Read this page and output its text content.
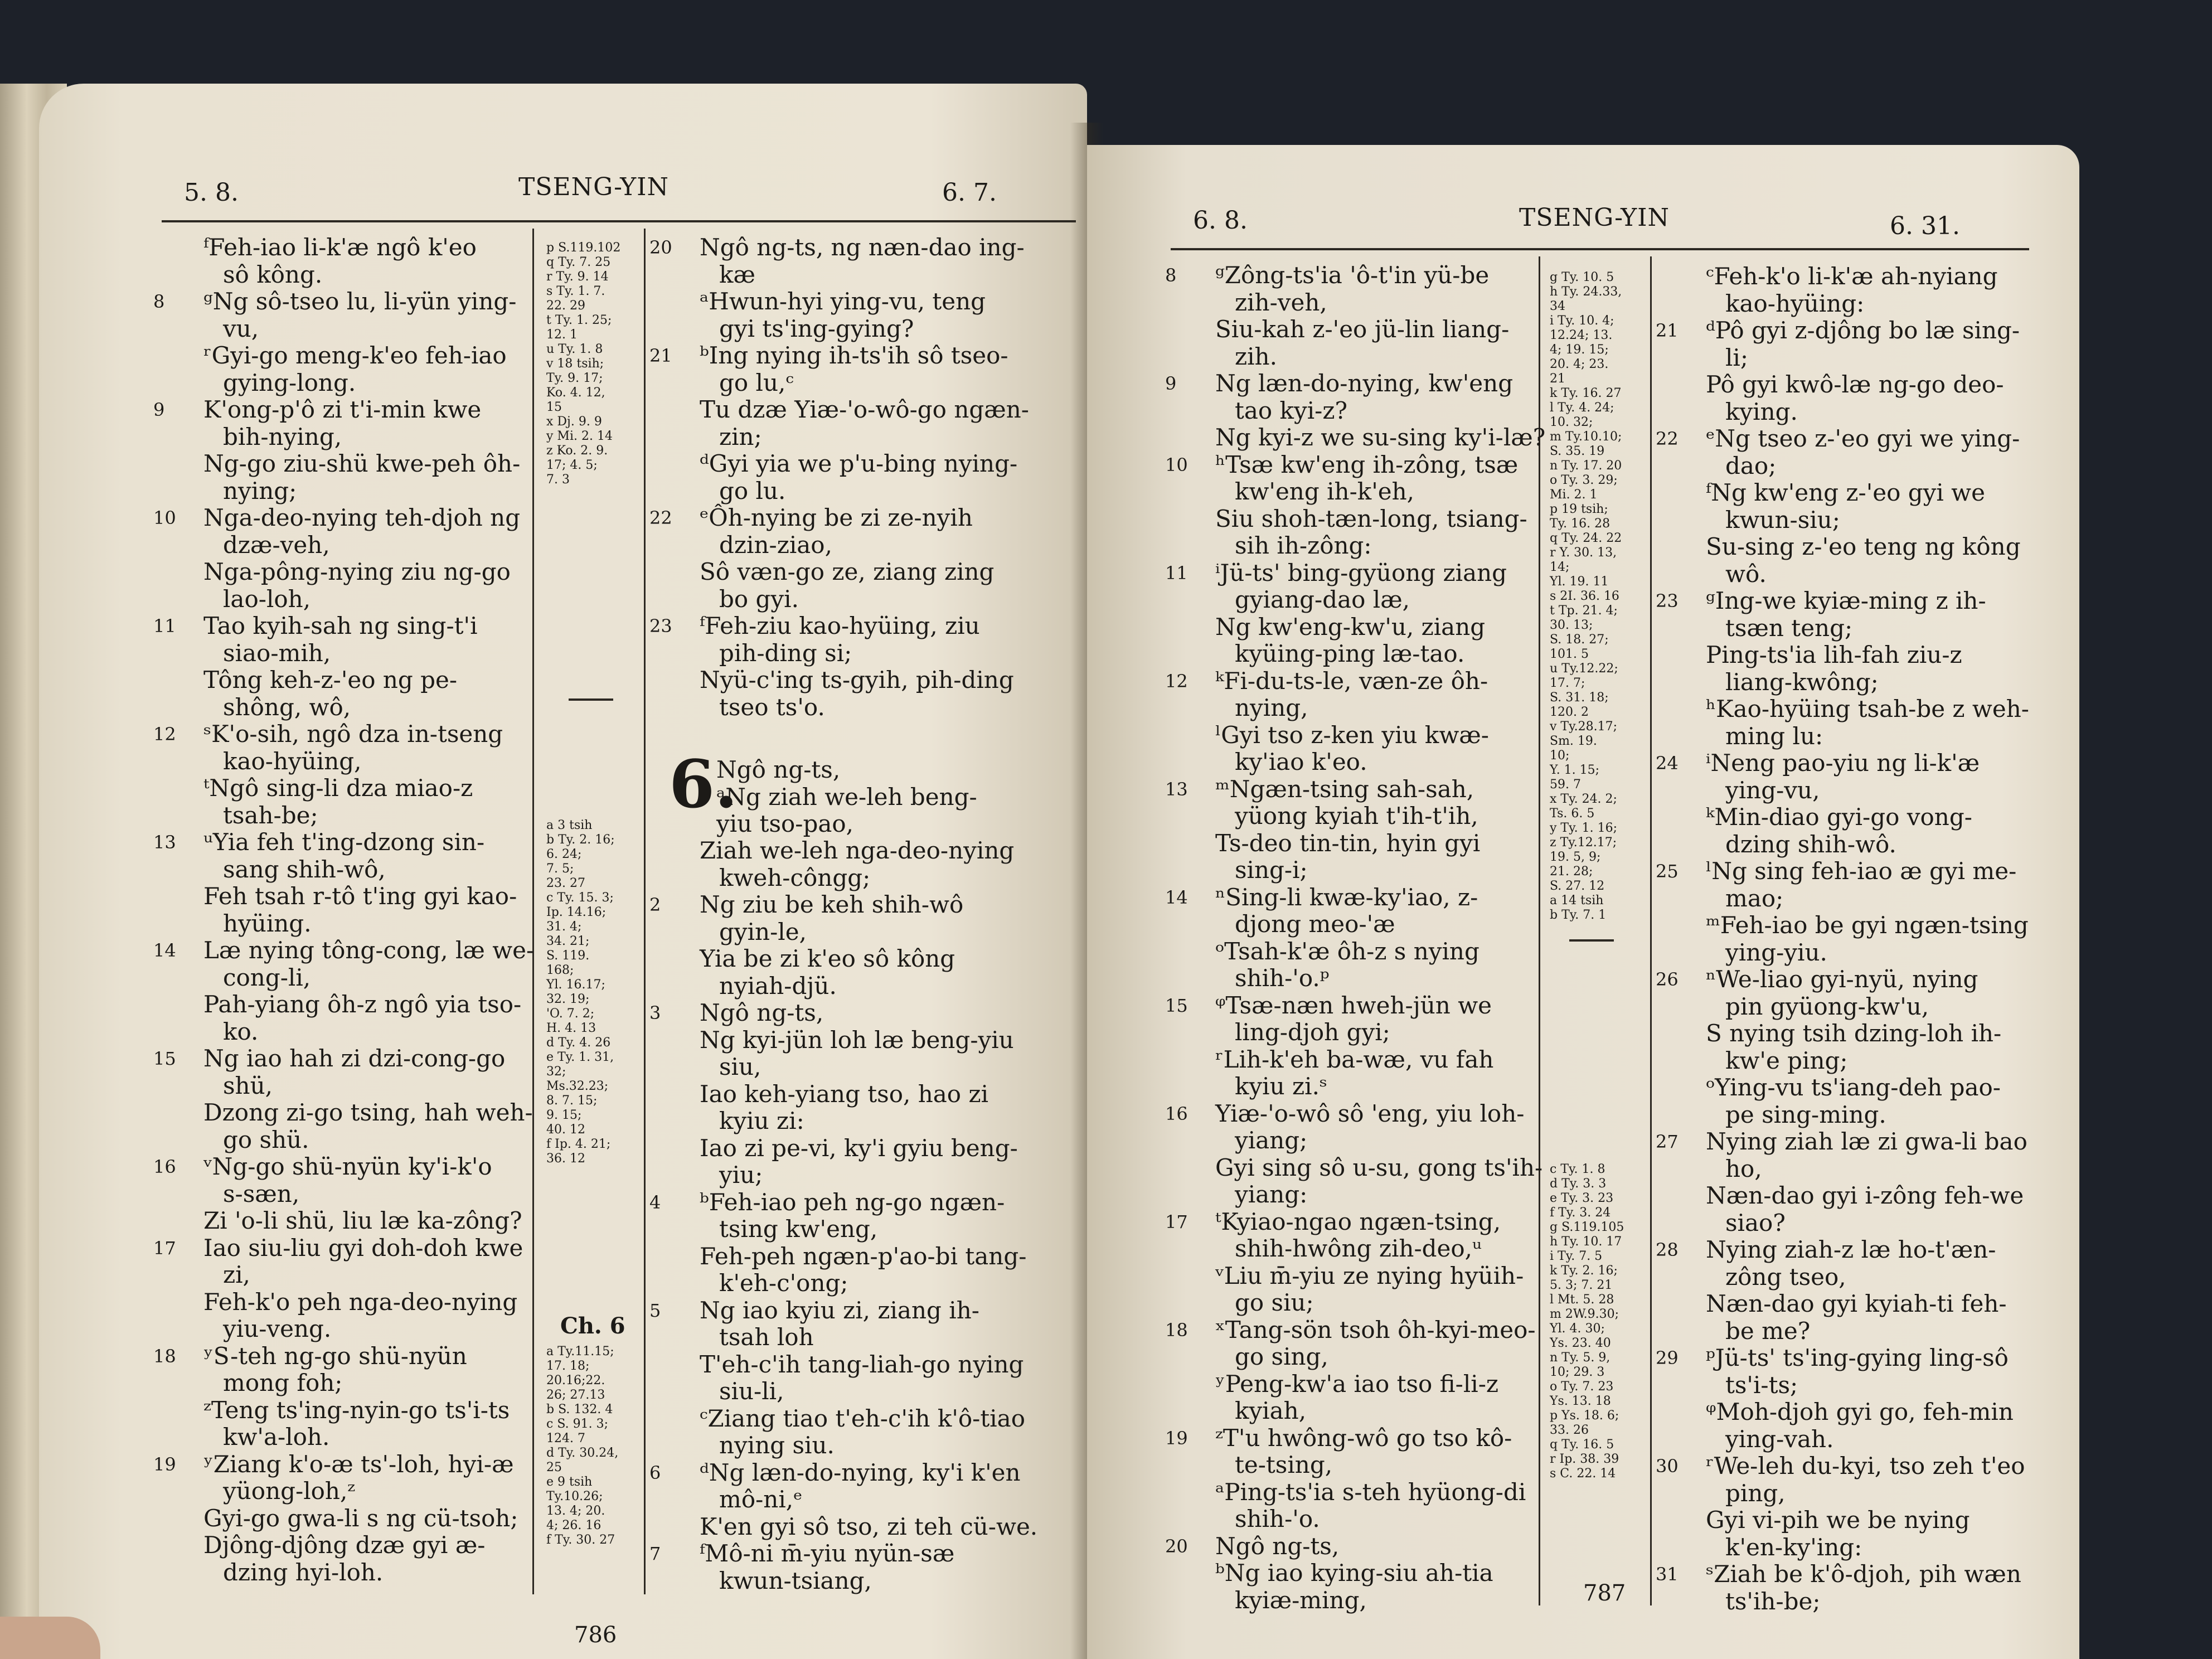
5. 8.	TSENG-YIN	6. 7.
ᶠFeh-iao li-k'æ ngô k'eo
sô kông.
8	ᵍNg sô-tseo lu, li-yün ying-
vu,
ʳGyi-go meng-k'eo feh-iao
gying-long.
9	K'ong-p'ô zi t'i-min kwe
bih-nying,
Ng-go ziu-shü kwe-peh ôh-
nying;
10	Nga-deo-nying teh-djoh ng
dzæ-veh,
Nga-pông-nying ziu ng-go
lao-loh,
11	Tao kyih-sah ng sing-t'i
siao-mih,
Tông keh-z-'eo ng pe-
shông, wô,
12	ˢK'o-sih, ngô dza in-tseng
kao-hyüing,
ᵗNgô sing-li dza miao-z
tsah-be;
13	ᵘYia feh t'ing-dzong sin-
sang shih-wô,
Feh tsah r-tô t'ing gyi kao-
hyüing.
14	Læ nying tông-cong, læ we-
cong-li,
Pah-yiang ôh-z ngô yia tso-
ko.
15	Ng iao hah zi dzi-cong-go
shü,
Dzong zi-go tsing, hah weh-
go shü.
16	ᵛNg-go shü-nyün ky'i-k'o
s-sæn,
Zi 'o-li shü, liu læ ka-zông?
17	Iao siu-liu gyi doh-doh kwe
zi,
Feh-k'o peh nga-deo-nying
yiu-veng.
18	ʸS-teh ng-go shü-nyün
mong foh;
ᶻTeng ts'ing-nyin-go ts'i-ts
kw'a-loh.
19	ʸZiang k'o-æ ts'-loh, hyi-æ
yüong-loh,ᶻ
Gyi-go gwa-li s ng cü-tsoh;
Djông-djông dzæ gyi æ-
dzing hyi-loh.
p S.119.102
q Ty. 7. 25
r Ty. 9. 14
s Ty. 1. 7.
22. 29
t Ty. 1. 25;
12. 1
u Ty. 1. 8
v 18 tsih;
Ty. 9. 17;
Ko. 4. 12,
15
x Dj. 9. 9
y Mi. 2. 14
z Ko. 2. 9.
17; 4. 5;
7. 3
a 3 tsih
b Ty. 2. 16;
6. 24;
7. 5;
23. 27
c Ty. 15. 3;
Ip. 14.16;
31. 4;
34. 21;
S. 119.
168;
Yl. 16.17;
32. 19;
'O. 7. 2;
H. 4. 13
d Ty. 4. 26
e Ty. 1. 31,
32;
Ms.32.23;
8. 7. 15;
9. 15;
40. 12
f Ip. 4. 21;
36. 12
Ch. 6
a Ty.11.15;
17. 18;
20.16;22.
26; 27.13
b S. 132. 4
c S. 91. 3;
124. 7
d Ty. 30.24,
25
e 9 tsih
Ty.10.26;
13. 4; 20.
4; 26. 16
f Ty. 30. 27
20	Ngô ng-ts, ng næn-dao ing-
kæ
ᵃHwun-hyi ying-vu, teng
gyi ts'ing-gying?
21	ᵇIng nying ih-ts'ih sô tseo-
go lu,ᶜ
Tu dzæ Yiæ-'o-wô-go ngæn-
zin;
ᵈGyi yia we p'u-bing nying-
go lu.
22	ᵉÔh-nying be zi ze-nyih
dzin-ziao,
Sô væn-go ze, ziang zing
bo gyi.
23	ᶠFeh-ziu kao-hyüing, ziu
pih-ding si;
Nyü-c'ing ts-gyih, pih-ding
tseo ts'o.
6.
Ngô ng-ts,
ᵃNg ziah we-leh beng-
yiu tso-pao,
Ziah we-leh nga-deo-nying
kweh-côngg;
2	Ng ziu be keh shih-wô
gyin-le,
Yia be zi k'eo sô kông
nyiah-djü.
3	Ngô ng-ts,
Ng kyi-jün loh læ beng-yiu
siu,
Iao keh-yiang tso, hao zi
kyiu zi:
Iao zi pe-vi, ky'i gyiu beng-
yiu;
4	ᵇFeh-iao peh ng-go ngæn-
tsing kw'eng,
Feh-peh ngæn-p'ao-bi tang-
k'eh-c'ong;
5	Ng iao kyiu zi, ziang ih-
tsah loh
T'eh-c'ih tang-liah-go nying
siu-li,
ᶜZiang tiao t'eh-c'ih k'ô-tiao
nying siu.
6	ᵈNg læn-do-nying, ky'i k'en
mô-ni,ᵉ
K'en gyi sô tso, zi teh cü-we.
7	ᶠMô-ni m̄-yiu nyün-sæ
kwun-tsiang,
786
6. 8.	TSENG-YIN	6. 31.
8	ᵍZông-ts'ia 'ô-t'in yü-be
zih-veh,
Siu-kah z-'eo jü-lin liang-
zih.
9	Ng læn-do-nying, kw'eng
tao kyi-z?
Ng kyi-z we su-sing ky'i-læ?
10	ʰTsæ kw'eng ih-zông, tsæ
kw'eng ih-k'eh,
Siu shoh-tæn-long, tsiang-
sih ih-zông:
11	ⁱJü-ts' bing-gyüong ziang
gyiang-dao læ,
Ng kw'eng-kw'u, ziang
kyüing-ping læ-tao.
12	ᵏFi-du-ts-le, væn-ze ôh-
nying,
ˡGyi tso z-ken yiu kwæ-
ky'iao k'eo.
13	ᵐNgæn-tsing sah-sah,
yüong kyiah t'ih-t'ih,
Ts-deo tin-tin, hyin gyi
sing-i;
14	ⁿSing-li kwæ-ky'iao, z-
djong meo-'æ
ᵒTsah-k'æ ôh-z s nying
shih-'o.ᵖ
15	ᵠTsæ-næn hweh-jün we
ling-djoh gyi;
ʳLih-k'eh ba-wæ, vu fah
kyiu zi.ˢ
16	Yiæ-'o-wô sô 'eng, yiu loh-
yiang;
Gyi sing sô u-su, gong ts'ih-
yiang:
17	ᵗKyiao-ngao ngæn-tsing,
shih-hwông zih-deo,ᵘ
ᵛLiu m̄-yiu ze nying hyüih-
go siu;
18	ˣTang-sön tsoh ôh-kyi-meo-
go sing,
ʸPeng-kw'a iao tso fi-li-z
kyiah,
19	ᶻT'u hwông-wô go tso kô-
te-tsing,
ᵃPing-ts'ia s-teh hyüong-di
shih-'o.
20	Ngô ng-ts,
ᵇNg iao kying-siu ah-tia
kyiæ-ming,
g Ty. 10. 5
h Ty. 24.33,
34
i Ty. 10. 4;
12.24; 13.
4; 19. 15;
20. 4; 23.
21
k Ty. 16. 27
l Ty. 4. 24;
10. 32;
m Ty.10.10;
S. 35. 19
n Ty. 17. 20
o Ty. 3. 29;
Mi. 2. 1
p 19 tsih;
Ty. 16. 28
q Ty. 24. 22
r Y. 30. 13,
14;
Yl. 19. 11
s 2I. 36. 16
t Tp. 21. 4;
30. 13;
S. 18. 27;
101. 5
u Ty.12.22;
17. 7;
S. 31. 18;
120. 2
v Ty.28.17;
Sm. 19.
10;
Y. 1. 15;
59. 7
x Ty. 24. 2;
Ts. 6. 5
y Ty. 1. 16;
z Ty.12.17;
19. 5, 9;
21. 28;
S. 27. 12
a 14 tsih
b Ty. 7. 1
c Ty. 1. 8
d Ty. 3. 3
e Ty. 3. 23
f Ty. 3. 24
g S.119.105
h Ty. 10. 17
i Ty. 7. 5
k Ty. 2. 16;
5. 3; 7. 21
l Mt. 5. 28
m 2W.9.30;
Yl. 4. 30;
Ys. 23. 40
n Ty. 5. 9,
10; 29. 3
o Ty. 7. 23
Ys. 13. 18
p Ys. 18. 6;
33. 26
q Ty. 16. 5
r Ip. 38. 39
s C. 22. 14
ᶜFeh-k'o li-k'æ ah-nyiang
kao-hyüing:
21	ᵈPô gyi z-djông bo læ sing-
li;
Pô gyi kwô-læ ng-go deo-
kying.
22	ᵉNg tseo z-'eo gyi we ying-
dao;
ᶠNg kw'eng z-'eo gyi we
kwun-siu;
Su-sing z-'eo teng ng kông
wô.
23	ᵍIng-we kyiæ-ming z ih-
tsæn teng;
Ping-ts'ia lih-fah ziu-z
liang-kwông;
ʰKao-hyüing tsah-be z weh-
ming lu:
24	ⁱNeng pao-yiu ng li-k'æ
ying-vu,
ᵏMin-diao gyi-go vong-
dzing shih-wô.
25	ˡNg sing feh-iao æ gyi me-
mao;
ᵐFeh-iao be gyi ngæn-tsing
ying-yiu.
26	ⁿWe-liao gyi-nyü, nying
pin gyüong-kw'u,
S nying tsih dzing-loh ih-
kw'e ping;
ᵒYing-vu ts'iang-deh pao-
pe sing-ming.
27	Nying ziah læ zi gwa-li bao
ho,
Næn-dao gyi i-zông feh-we
siao?
28	Nying ziah-z læ ho-t'æn-
zông tseo,
Næn-dao gyi kyiah-ti feh-
be me?
29	ᵖJü-ts' ts'ing-gying ling-sô
ts'i-ts;
ᵠMoh-djoh gyi go, feh-min
ying-vah.
30	ʳWe-leh du-kyi, tso zeh t'eo
ping,
Gyi vi-pih we be nying
k'en-ky'ing:
31	ˢZiah be k'ô-djoh, pih wæn
ts'ih-be;
787
